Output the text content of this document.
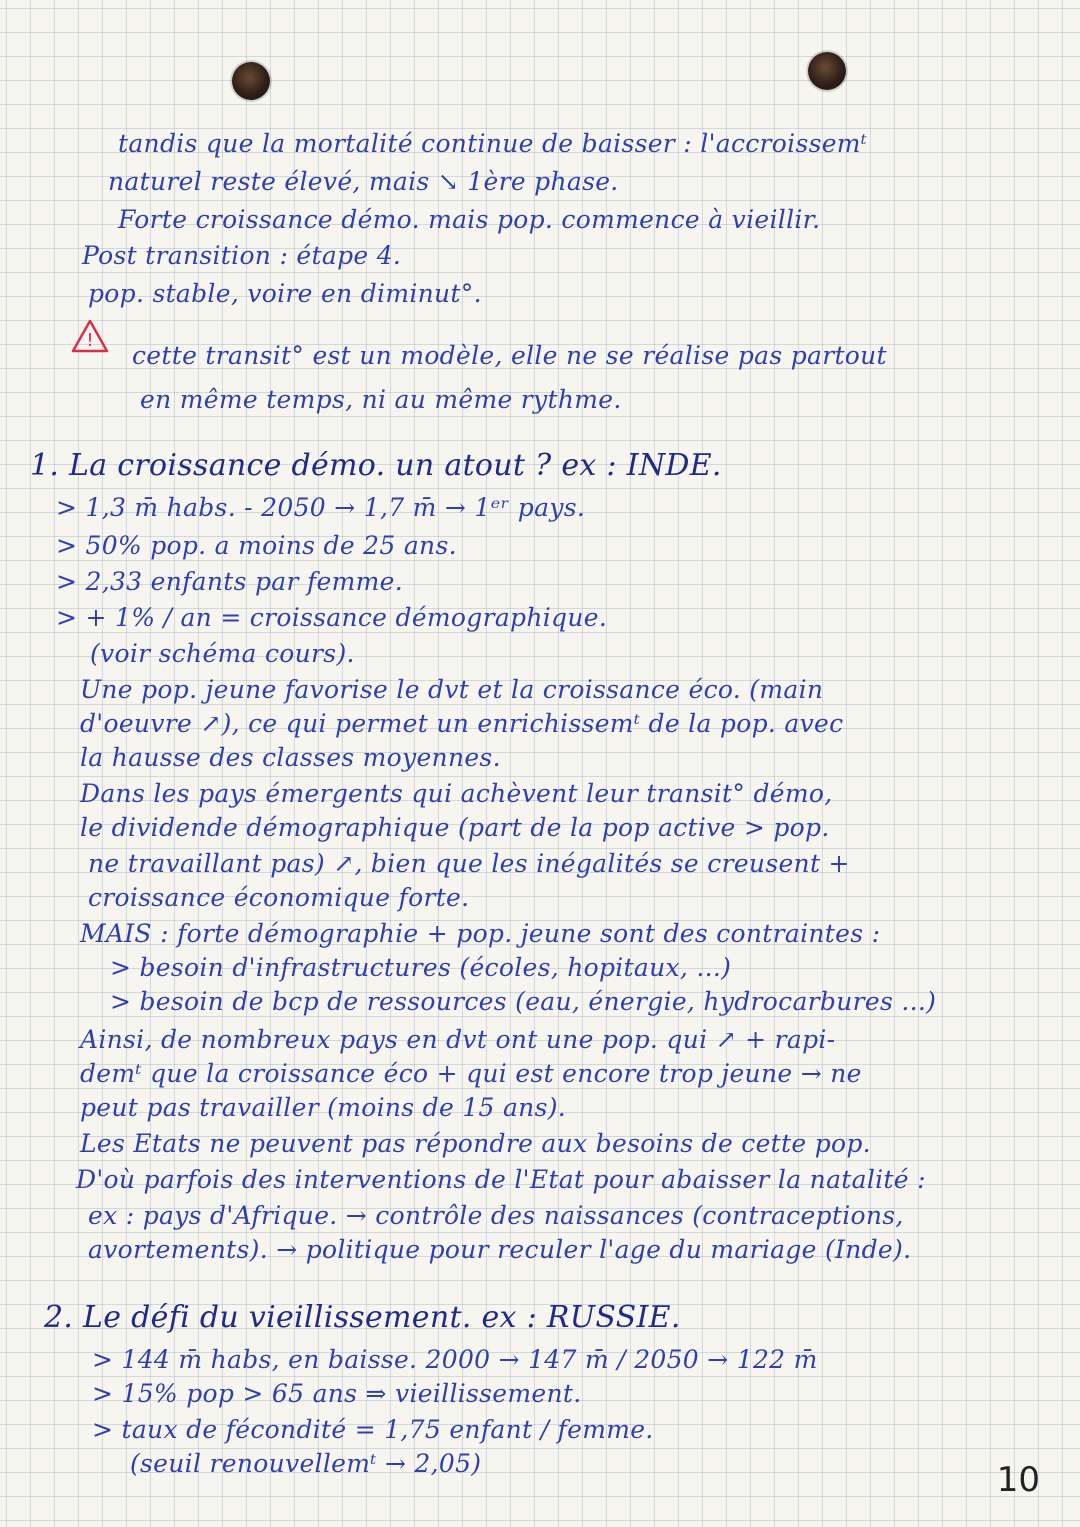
tandis que la mortalité continue de baisser : l'accroissemᵗ
naturel reste élevé, mais ↘ 1ère phase.
Forte croissance démo. mais pop. commence à vieillir.
Post transition : étape 4.
pop. stable, voire en diminut°.
!
cette transit° est un modèle, elle ne se réalise pas partout
en même temps, ni au même rythme.
1. La croissance démo. un atout ? ex : INDE.
> 1,3 m̄ habs. - 2050 → 1,7 m̄ → 1ᵉʳ pays.
> 50% pop. a moins de 25 ans.
> 2,33 enfants par femme.
> + 1% / an = croissance démographique.
(voir schéma cours).
Une pop. jeune favorise le dvt et la croissance éco. (main
d'oeuvre ↗), ce qui permet un enrichissemᵗ de la pop. avec
la hausse des classes moyennes.
Dans les pays émergents qui achèvent leur transit° démo,
le dividende démographique (part de la pop active > pop.
ne travaillant pas) ↗, bien que les inégalités se creusent +
croissance économique forte.
MAIS : forte démographie + pop. jeune sont des contraintes :
> besoin d'infrastructures (écoles, hopitaux, ...)
> besoin de bcp de ressources (eau, énergie, hydrocarbures ...)
Ainsi, de nombreux pays en dvt ont une pop. qui ↗ + rapi-
demᵗ que la croissance éco + qui est encore trop jeune → ne
peut pas travailler (moins de 15 ans).
Les Etats ne peuvent pas répondre aux besoins de cette pop.
D'où parfois des interventions de l'Etat pour abaisser la natalité :
ex : pays d'Afrique. → contrôle des naissances (contraceptions,
avortements). → politique pour reculer l'age du mariage (Inde).
2. Le défi du vieillissement. ex : RUSSIE.
> 144 m̄ habs, en baisse. 2000 → 147 m̄ / 2050 → 122 m̄
> 15% pop > 65 ans ⇒ vieillissement.
> taux de fécondité = 1,75 enfant / femme.
(seuil renouvellemᵗ → 2,05)	10
